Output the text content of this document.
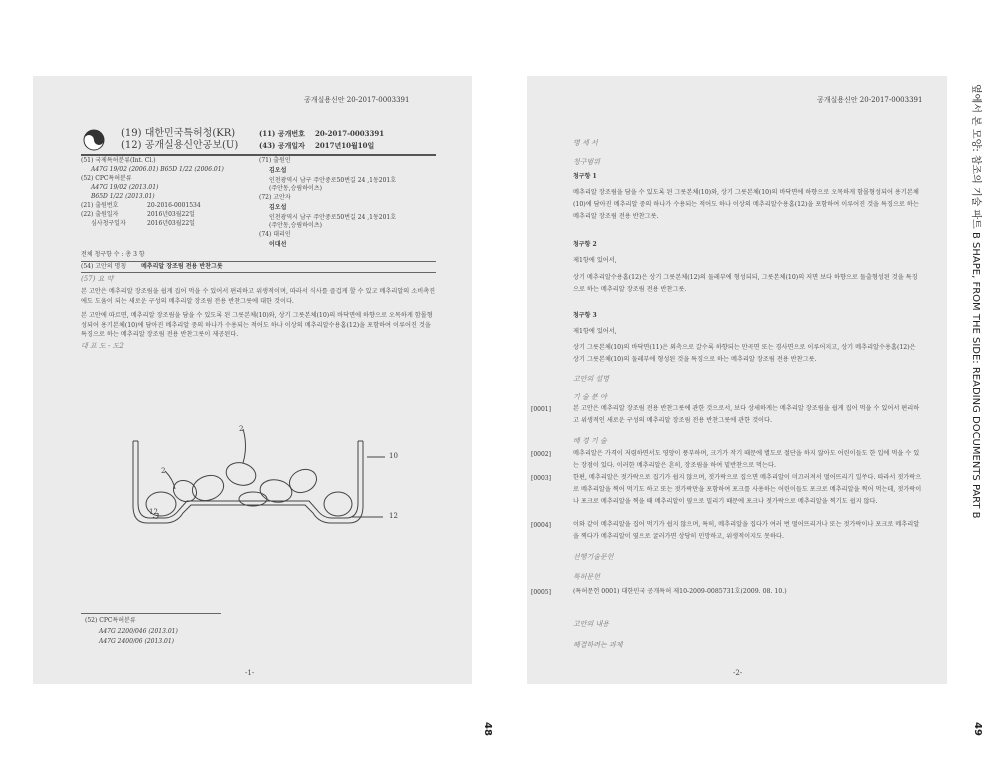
공개실용신안 20-2017-0003391
(19) 대한민국특허청(KR)
(12) 공개실용신안공보(U)
(11) 공개번호 20-2017-0003391
(43) 공개일자 2017년10월10일
(51) 국제특허분류(Int. Cl.)
A47G 19/02 (2006.01) B65D 1/22 (2006.01)
(52) CPC특허분류
A47G 19/02 (2013.01)
B65D 1/22 (2013.01)
(21) 출원번호	20-2016-0001534
(22) 출원일자	2016년03월22일
심사청구일자	2016년03월22일
(71) 출원인
김오섭
인천광역시 남구 주안중로50번길 24 ,1동201호
(주안동,승림하이츠)
(72) 고안자
김오섭
인천광역시 남구 주안중로50번길 24 ,1동201호
(주안동,승림하이츠)
(74) 대리인
이대선
전체 청구항 수 : 총 3 항
(54) 고안의 명칭 메추리알 장조림 전용 반찬그릇
(57) 요 약
본 고안은 메추리알 장조림을 쉽게 집어 먹을 수 있어서 편리하고 위생적이며, 따라서 식사를 즐겁게 할 수 있고 메추리알의 소비촉진에도 도움이 되는 새로운 구성의 메추리알 장조림 전용 반찬그릇에 대한 것이다.
본 고안에 따르면, 메추리알 장조림을 담을 수 있도록 된 그릇본체(10)와, 상기 그릇본체(10)의 바닥면에 하향으로 오목하게 함몰형성되어 용기본체(10)에 담아진 메추리알 중의 하나가 수용되는 적어도 하나 이상의 메추리알수용홈(12)을 포함하여 이루어진 것을 특징으로 하는 메추리알 장조림 전용 반찬그릇이 제공된다.
대 표 도 - 도2
2
2
12
10
12
(52) CPC특허분류
A47G 2200/046 (2013.01)
A47G 2400/06 (2013.01)
-1-
공개실용신안 20-2017-0003391
명 세 서
청구범위
청구항 1
메추리알 장조림을 담을 수 있도록 된 그릇본체(10)와, 상기 그릇본체(10)의 바닥면에 하향으로 오목하게 함몰형성되어 용기본체(10)에 담아진 메추리알 중의 하나가 수용되는 적어도 하나 이상의 메추리알수용홈(12)을 포함하여 이루어진 것을 특징으로 하는 메추리알 장조림 전용 반찬그릇.
청구항 2
제1항에 있어서,
상기 메추리알수용홈(12)은 상기 그릇본체(12)의 둘레부에 형성되되, 그릇본체(10)의 저면 보다 하향으로 돌출형성된 것을 특징으로 하는 메추리알 장조림 전용 반찬그릇.
청구항 3
제1항에 있어서,
상기 그릇본체(10)의 바닥면(11)은 외측으로 갈수록 하향되는 만곡면 또는 경사면으로 이루어지고, 상기 메추리알수용홈(12)은 상기 그릇본체(10)의 둘레부에 형성된 것을 특징으로 하는 메추리알 장조림 전용 반찬그릇.
고안의 설명
기 술 분 야
[0001]	본 고안은 메추리알 장조림 전용 반찬그릇에 관한 것으로서, 보다 상세하게는 메추리알 장조림을 쉽게 집어 먹을 수 있어서 편리하고 위생적인 새로운 구성의 메추리알 장조림 전용 반찬그릇에 관한 것이다.
배 경 기 술
[0002]	메추리알은 가격이 저렴하면서도 영양이 풍부하며, 크기가 작기 때문에 별도로 절단을 하지 않아도 어린이들도 한 입에 먹을 수 있는 장점이 있다. 이러한 메추리알은 흔히, 장조림을 하여 밑반찬으로 먹는다.
[0003]	한편, 메추리알은 젓가락으로 집기가 쉽지 않으며, 젓가락으로 집으면 메추리알이 미끄러져서 떨어뜨리기 일쑤다. 따라서 젓가락으로 메추리알을 찍어 먹기도 하고 또는 젓가락만을 포함하여 포크를 사용하는 어린이들도 포크로 메추리알을 찍어 먹는데, 젓가락이나 포크로 메추리알을 찍을 때 메추리알이 옆으로 밀리기 때문에 포크나 젓가락으로 메추리알을 찍기도 쉽지 않다.
[0004]	이와 같이 메추리알을 집어 먹기가 쉽지 않으며, 특히, 메추리알을 집다가 여러 번 떨어뜨리거나 또는 젓가락이나 포크로 메추리알을 찍다가 메추리알이 옆으로 굴러가면 상당히 민망하고, 위생적이지도 못하다.
선행기술문헌
특허문헌
[0005]	(특허문헌 0001) 대한민국 공개특허 제10-2009-0085731호(2009. 08. 10.)
고안의 내용
해결하려는 과제
-2-
48	49
옆에서 본 모양: 참조의 기술 파트 B SHAPE, FROM THE SIDE: READING DOCUMENTS PART B
